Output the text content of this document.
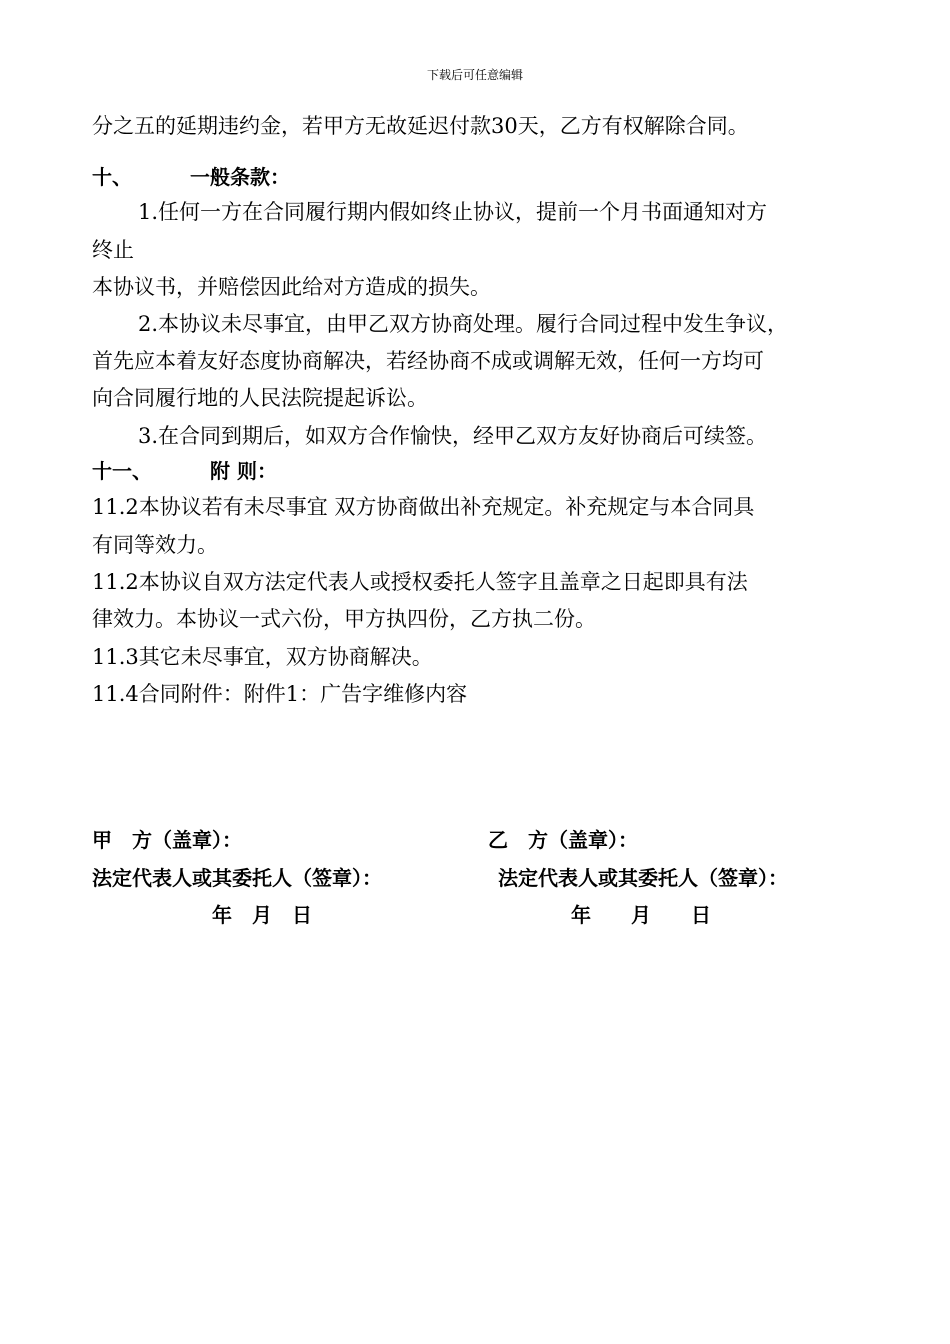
下载后可任意编辑
分之五的延期违约金，若甲方无故延迟付款30天，乙方有权解除合同。
十、	一般条款：
1.任何一方在合同履行期内假如终止协议，提前一个月书面通知对方
终止
本协议书，并赔偿因此给对方造成的损失。
2.本协议未尽事宜，由甲乙双方协商处理。履行合同过程中发生争议，
首先应本着友好态度协商解决，若经协商不成或调解无效，任何一方均可
向合同履行地的人民法院提起诉讼。
3.在合同到期后，如双方合作愉快，经甲乙双方友好协商后可续签。
十一、	附 则：
11.2本协议若有未尽事宜 双方协商做出补充规定。补充规定与本合同具
有同等效力。
11.2本协议自双方法定代表人或授权委托人签字且盖章之日起即具有法
律效力。本协议一式六份，甲方执四份，乙方执二份。
11.3其它未尽事宜，双方协商解决。
11.4合同附件：附件1：广告字维修内容
甲　方（盖章）：	乙　方（盖章）：
法定代表人或其委托人（签章）：	法定代表人或其委托人（签章）：
年　月　日	年　　月　　日
